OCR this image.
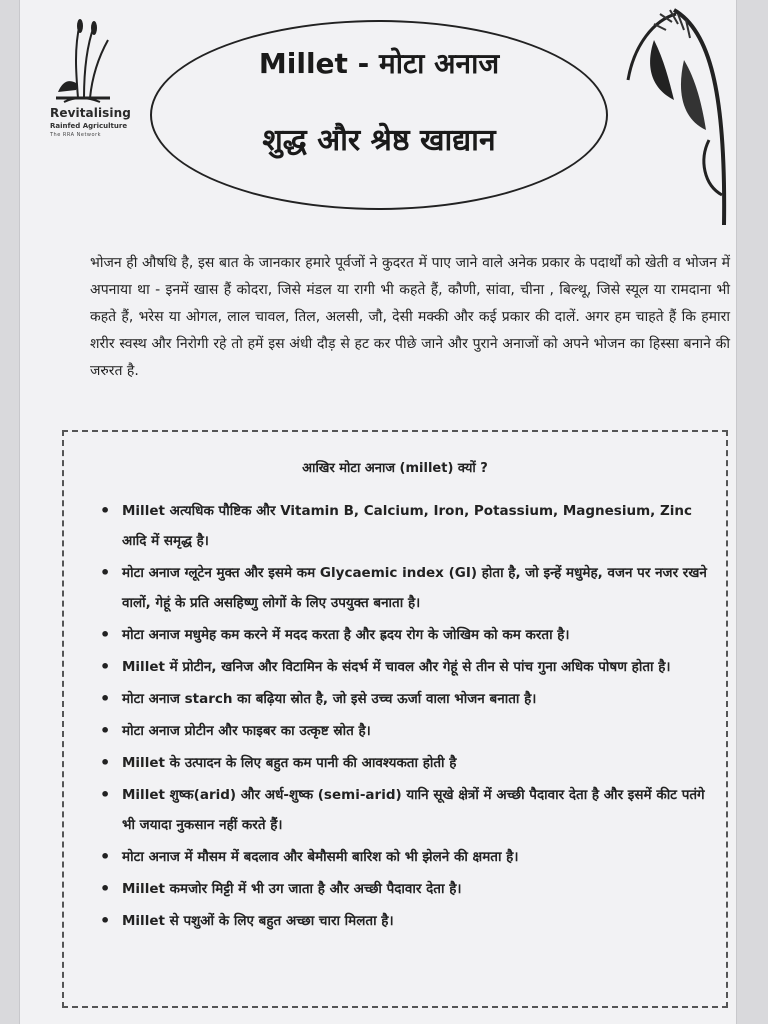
Revitalising
Rainfed Agriculture
The RRA Network
Millet - मोटा अनाज
शुद्ध और श्रेष्ठ खाद्यान

भोजन ही औषधि है, इस बात के जानकार हमारे पूर्वजों ने कुदरत में पाए जाने वाले अनेक प्रकार के पदार्थों को खेती व भोजन में अपनाया था - इनमें खास हैं कोदरा, जिसे मंडल या रागी भी कहते हैं, कौणी, सांवा, चीना , बिल्थू, जिसे स्यूल या रामदाना भी कहते हैं, भरेस या ओगल, लाल चावल, तिल, अलसी, जौ, देसी मक्की और कई प्रकार की दालें. अगर हम चाहते हैं कि हमारा शरीर स्वस्थ और निरोगी रहे तो हमें इस अंधी दौड़ से हट कर पीछे जाने और पुराने अनाजों को अपने भोजन का हिस्सा बनाने की जरुरत है.

आखिर मोटा अनाज (millet) क्यों ?
• Millet अत्यधिक पौष्टिक और Vitamin B, Calcium, Iron, Potassium, Magnesium, Zinc आदि में समृद्ध है।
• मोटा अनाज ग्लूटेन मुक्त और इसमे कम Glycaemic index (GI) होता है, जो इन्हें मधुमेह, वजन पर नजर रखने वालों, गेहूं के प्रति असहिष्णु लोगों के लिए उपयुक्त बनाता है।
• मोटा अनाज मधुमेह कम करने में मदद करता है और ह्रदय रोग के जोखिम को कम करता है।
• Millet में प्रोटीन, खनिज और विटामिन के संदर्भ में चावल और गेहूं से तीन से पांच गुना अधिक पोषण होता है।
• मोटा अनाज starch का बढ़िया स्रोत है, जो इसे उच्च ऊर्जा वाला भोजन बनाता है।
• मोटा अनाज प्रोटीन और फाइबर का उत्कृष्ट स्रोत है।
• Millet के उत्पादन के लिए बहुत कम पानी की आवश्यकता होती है
• Millet शुष्क(arid) और अर्ध-शुष्क (semi-arid) यानि सूखे क्षेत्रों में अच्छी पैदावार देता है और इसमें कीट पतंगे भी जयादा नुकसान नहीं करते हैं।
• मोटा अनाज में मौसम में बदलाव और बेमौसमी बारिश को भी झेलने की क्षमता है।
• Millet कमजोर मिट्टी में भी उग जाता है और अच्छी पैदावार देता है।
• Millet से पशुओं के लिए बहुत अच्छा चारा मिलता है।
